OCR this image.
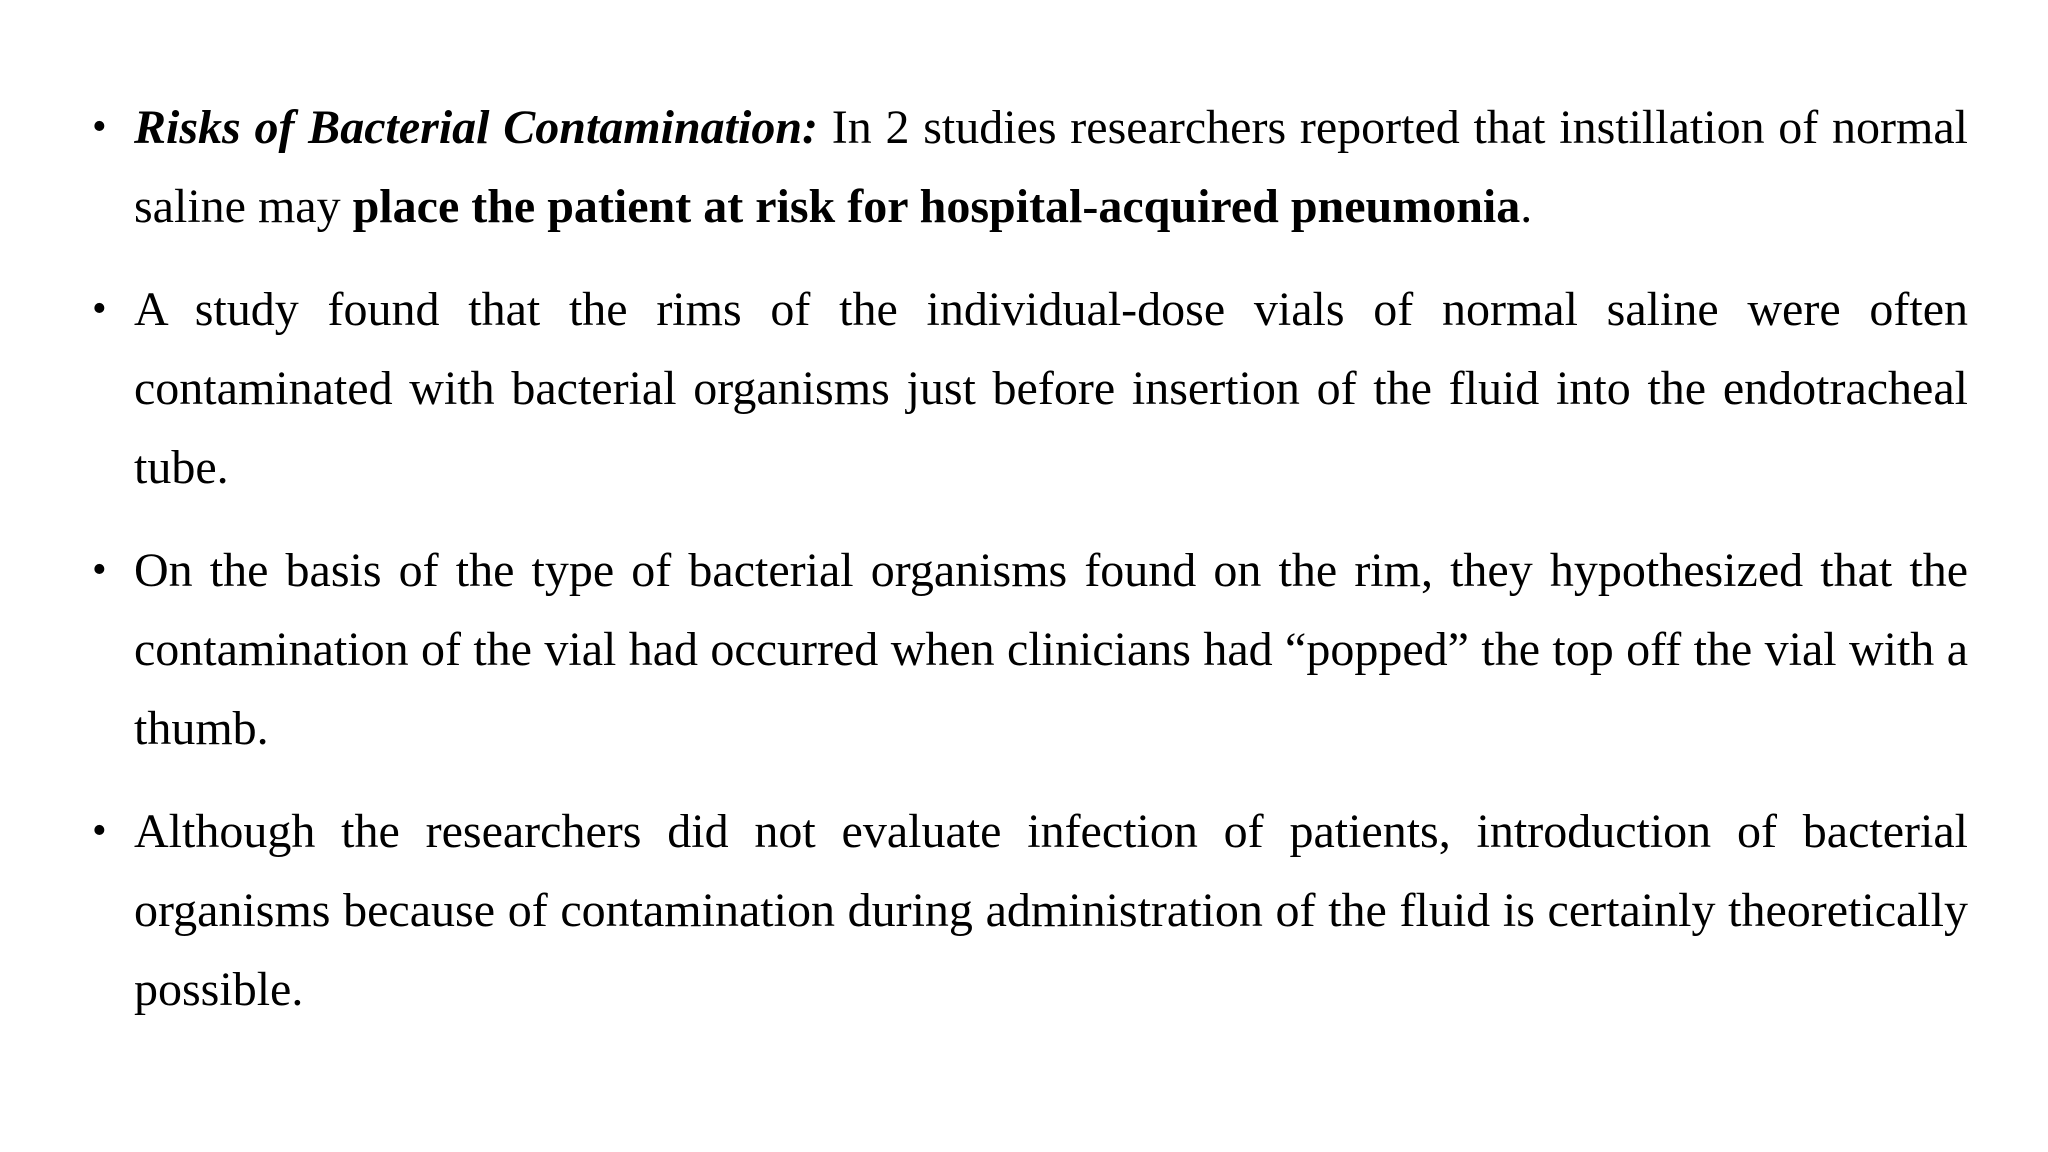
• Risks of Bacterial Contamination: In 2 studies researchers reported that instillation of normal saline may place the patient at risk for hospital-acquired pneumonia.
• A study found that the rims of the individual-dose vials of normal saline were often contaminated with bacterial organisms just before insertion of the fluid into the endotracheal tube.
• On the basis of the type of bacterial organisms found on the rim, they hypothesized that the contamination of the vial had occurred when clinicians had “popped” the top off the vial with a thumb.
• Although the researchers did not evaluate infection of patients, introduction of bacterial organisms because of contamination during administration of the fluid is certainly theoretically possible.
